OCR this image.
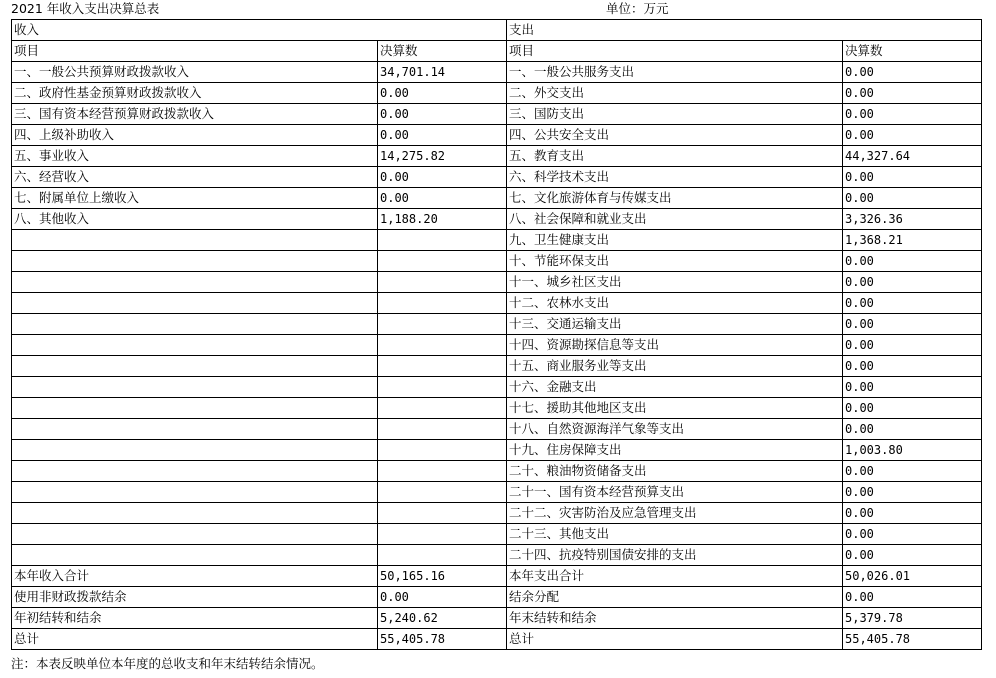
2021 年收入支出决算总表	单位：万元
收入		支出	
项目	决算数	项目	决算数
一、一般公共预算财政拨款收入	34,701.14	一、一般公共服务支出	0.00
二、政府性基金预算财政拨款收入	0.00	二、外交支出	0.00
三、国有资本经营预算财政拨款收入	0.00	三、国防支出	0.00
四、上级补助收入	0.00	四、公共安全支出	0.00
五、事业收入	14,275.82	五、教育支出	44,327.64
六、经营收入	0.00	六、科学技术支出	0.00
七、附属单位上缴收入	0.00	七、文化旅游体育与传媒支出	0.00
八、其他收入	1,188.20	八、社会保障和就业支出	3,326.36
		九、卫生健康支出	1,368.21
		十、节能环保支出	0.00
		十一、城乡社区支出	0.00
		十二、农林水支出	0.00
		十三、交通运输支出	0.00
		十四、资源勘探信息等支出	0.00
		十五、商业服务业等支出	0.00
		十六、金融支出	0.00
		十七、援助其他地区支出	0.00
		十八、自然资源海洋气象等支出	0.00
		十九、住房保障支出	1,003.80
		二十、粮油物资储备支出	0.00
		二十一、国有资本经营预算支出	0.00
		二十二、灾害防治及应急管理支出	0.00
		二十三、其他支出	0.00
		二十四、抗疫特别国债安排的支出	0.00
本年收入合计	50,165.16	本年支出合计	50,026.01
使用非财政拨款结余	0.00	结余分配	0.00
年初结转和结余	5,240.62	年末结转和结余	5,379.78
总计	55,405.78	总计	55,405.78
注：本表反映单位本年度的总收支和年末结转结余情况。
